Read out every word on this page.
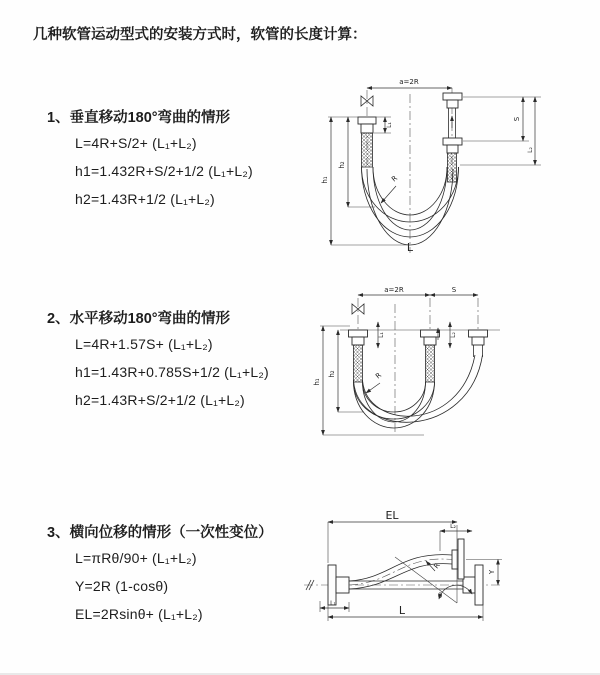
几种软管运动型式的安装方式时，软管的长度计算：
1、垂直移动180°弯曲的情形
L=4R+S/2+ (L₁+L₂)
h1=1.432R+S/2+1/2 (L₁+L₂)
h2=1.43R+1/2 (L₁+L₂)
2、水平移动180°弯曲的情形
L=4R+1.57S+ (L₁+L₂)
h1=1.43R+0.785S+1/2 (L₁+L₂)
h2=1.43R+S/2+1/2 (L₁+L₂)
3、横向位移的情形（一次性变位）
L=πRθ/90+ (L₁+L₂)
Y=2R (1-cosθ)
EL=2Rsinθ+ (L₁+L₂)
a=2R
R
L
h₁
h₂
L₁
S
L₂
a=2R	S
R
h₁
h₂
L₁	L₂
θ
R
EL
L₂
Y
L
L₁
